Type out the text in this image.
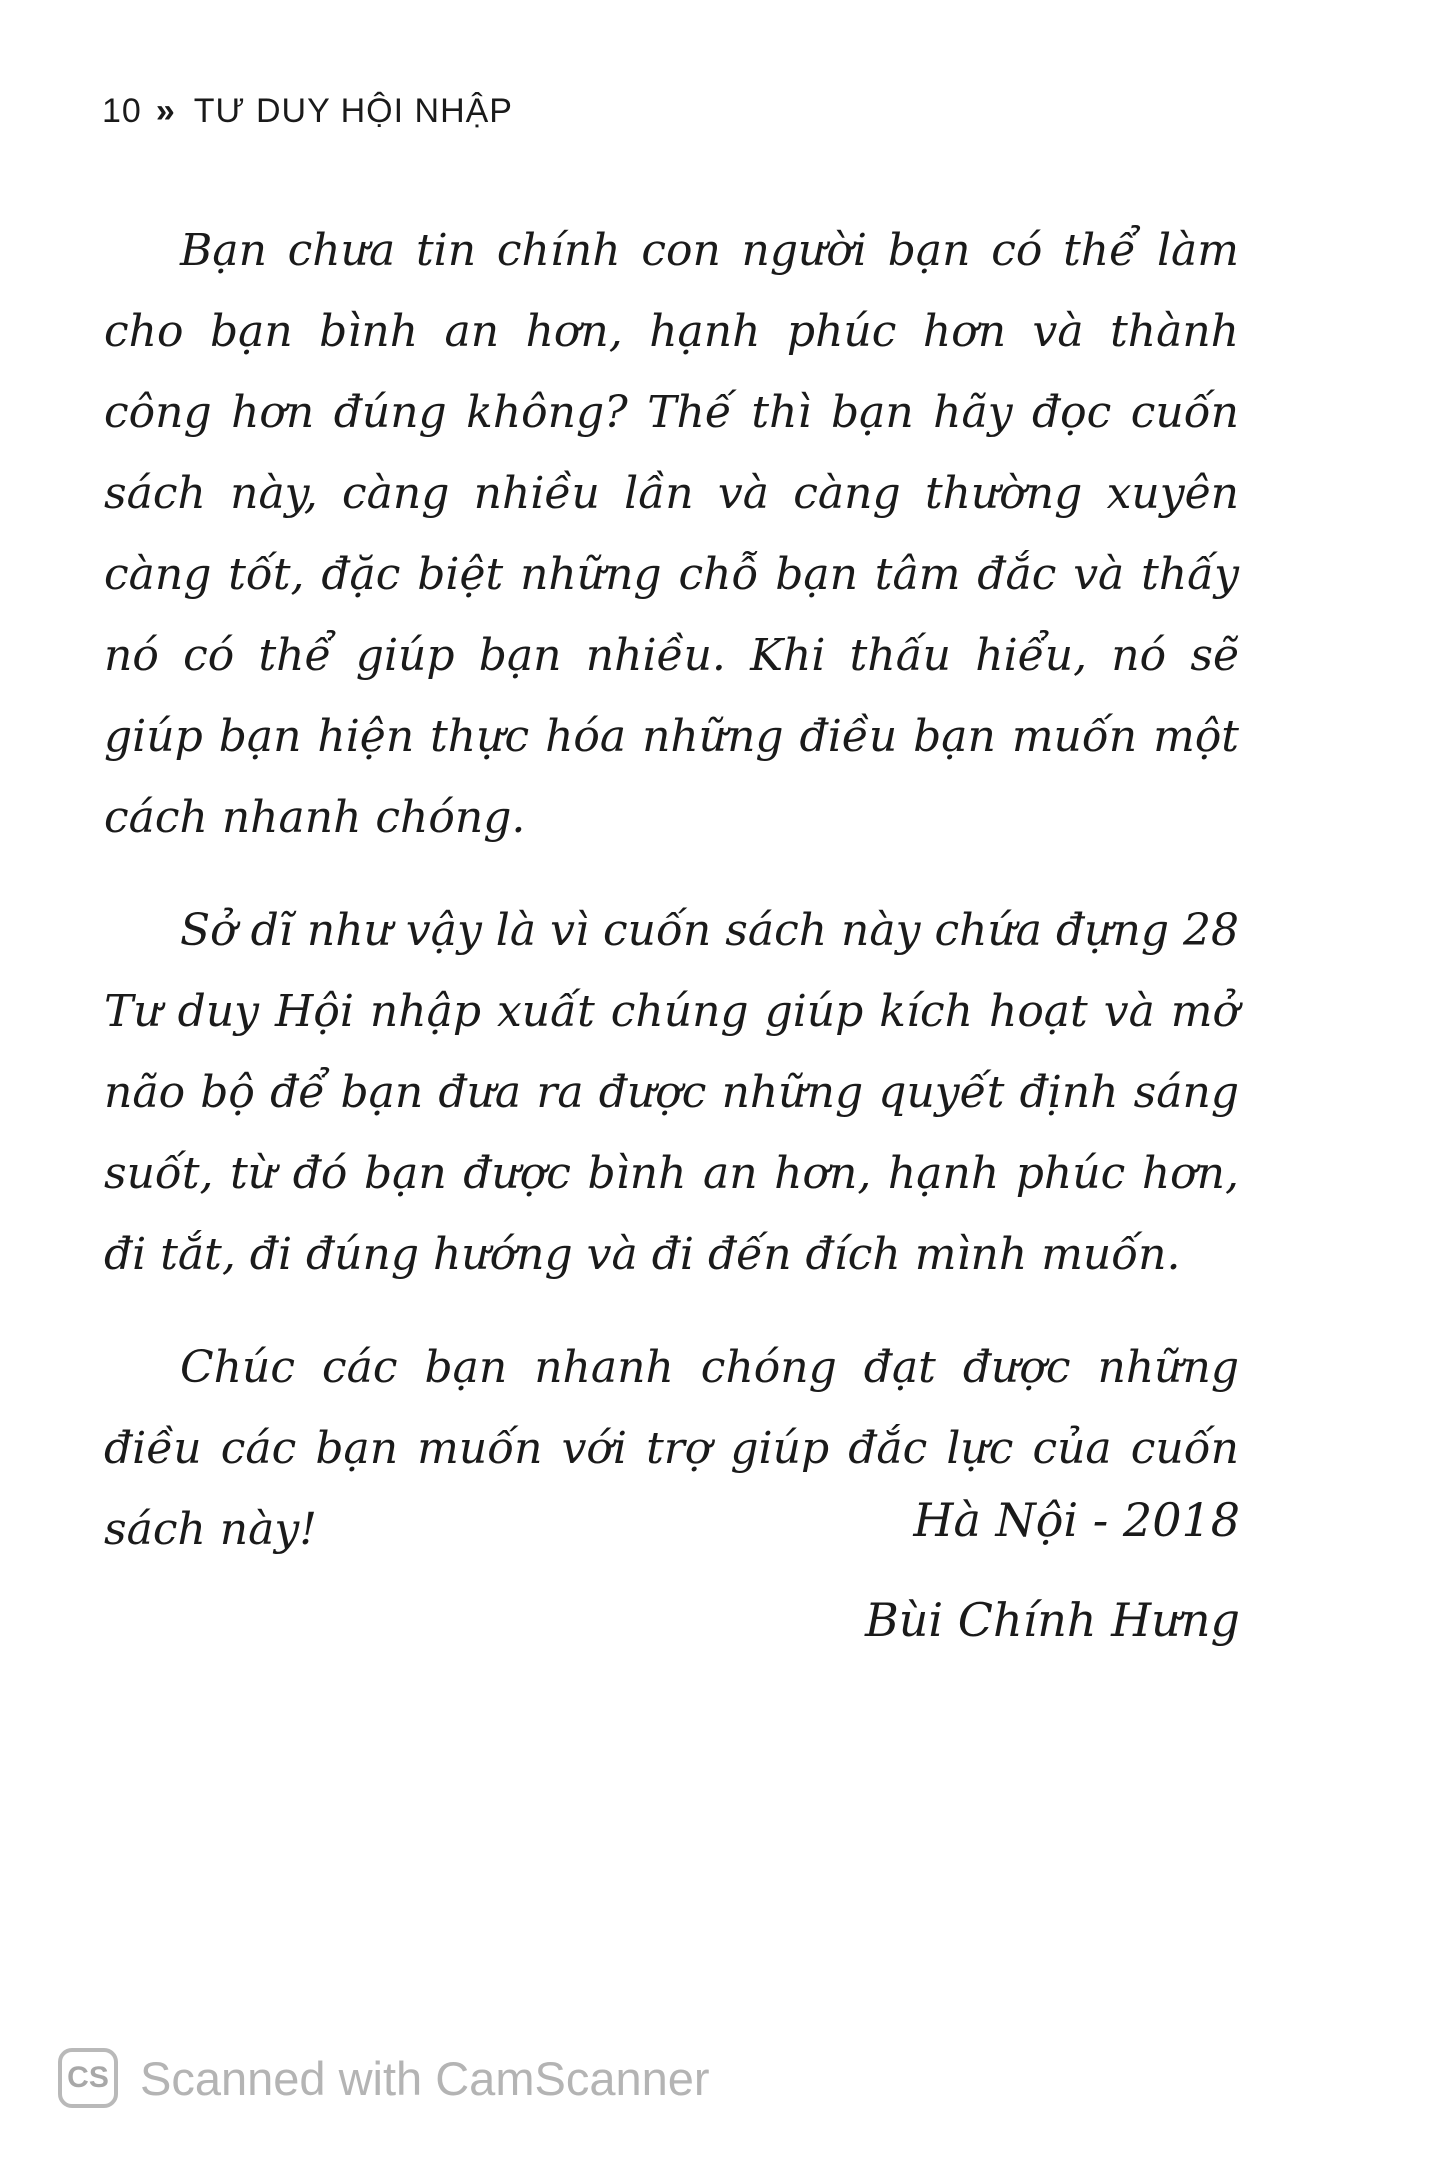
10 » TƯ DUY HỘI NHẬP

Bạn chưa tin chính con người bạn có thể làm cho bạn bình an hơn, hạnh phúc hơn và thành công hơn đúng không? Thế thì bạn hãy đọc cuốn sách này, càng nhiều lần và càng thường xuyên càng tốt, đặc biệt những chỗ bạn tâm đắc và thấy nó có thể giúp bạn nhiều. Khi thấu hiểu, nó sẽ giúp bạn hiện thực hóa những điều bạn muốn một cách nhanh chóng.

Sở dĩ như vậy là vì cuốn sách này chứa đựng 28 Tư duy Hội nhập xuất chúng giúp kích hoạt và mở não bộ để bạn đưa ra được những quyết định sáng suốt, từ đó bạn được bình an hơn, hạnh phúc hơn, đi tắt, đi đúng hướng và đi đến đích mình muốn.

Chúc các bạn nhanh chóng đạt được những điều các bạn muốn với trợ giúp đắc lực của cuốn sách này!	Hà Nội - 2018
Bùi Chính Hưng
CS Scanned with CamScanner
